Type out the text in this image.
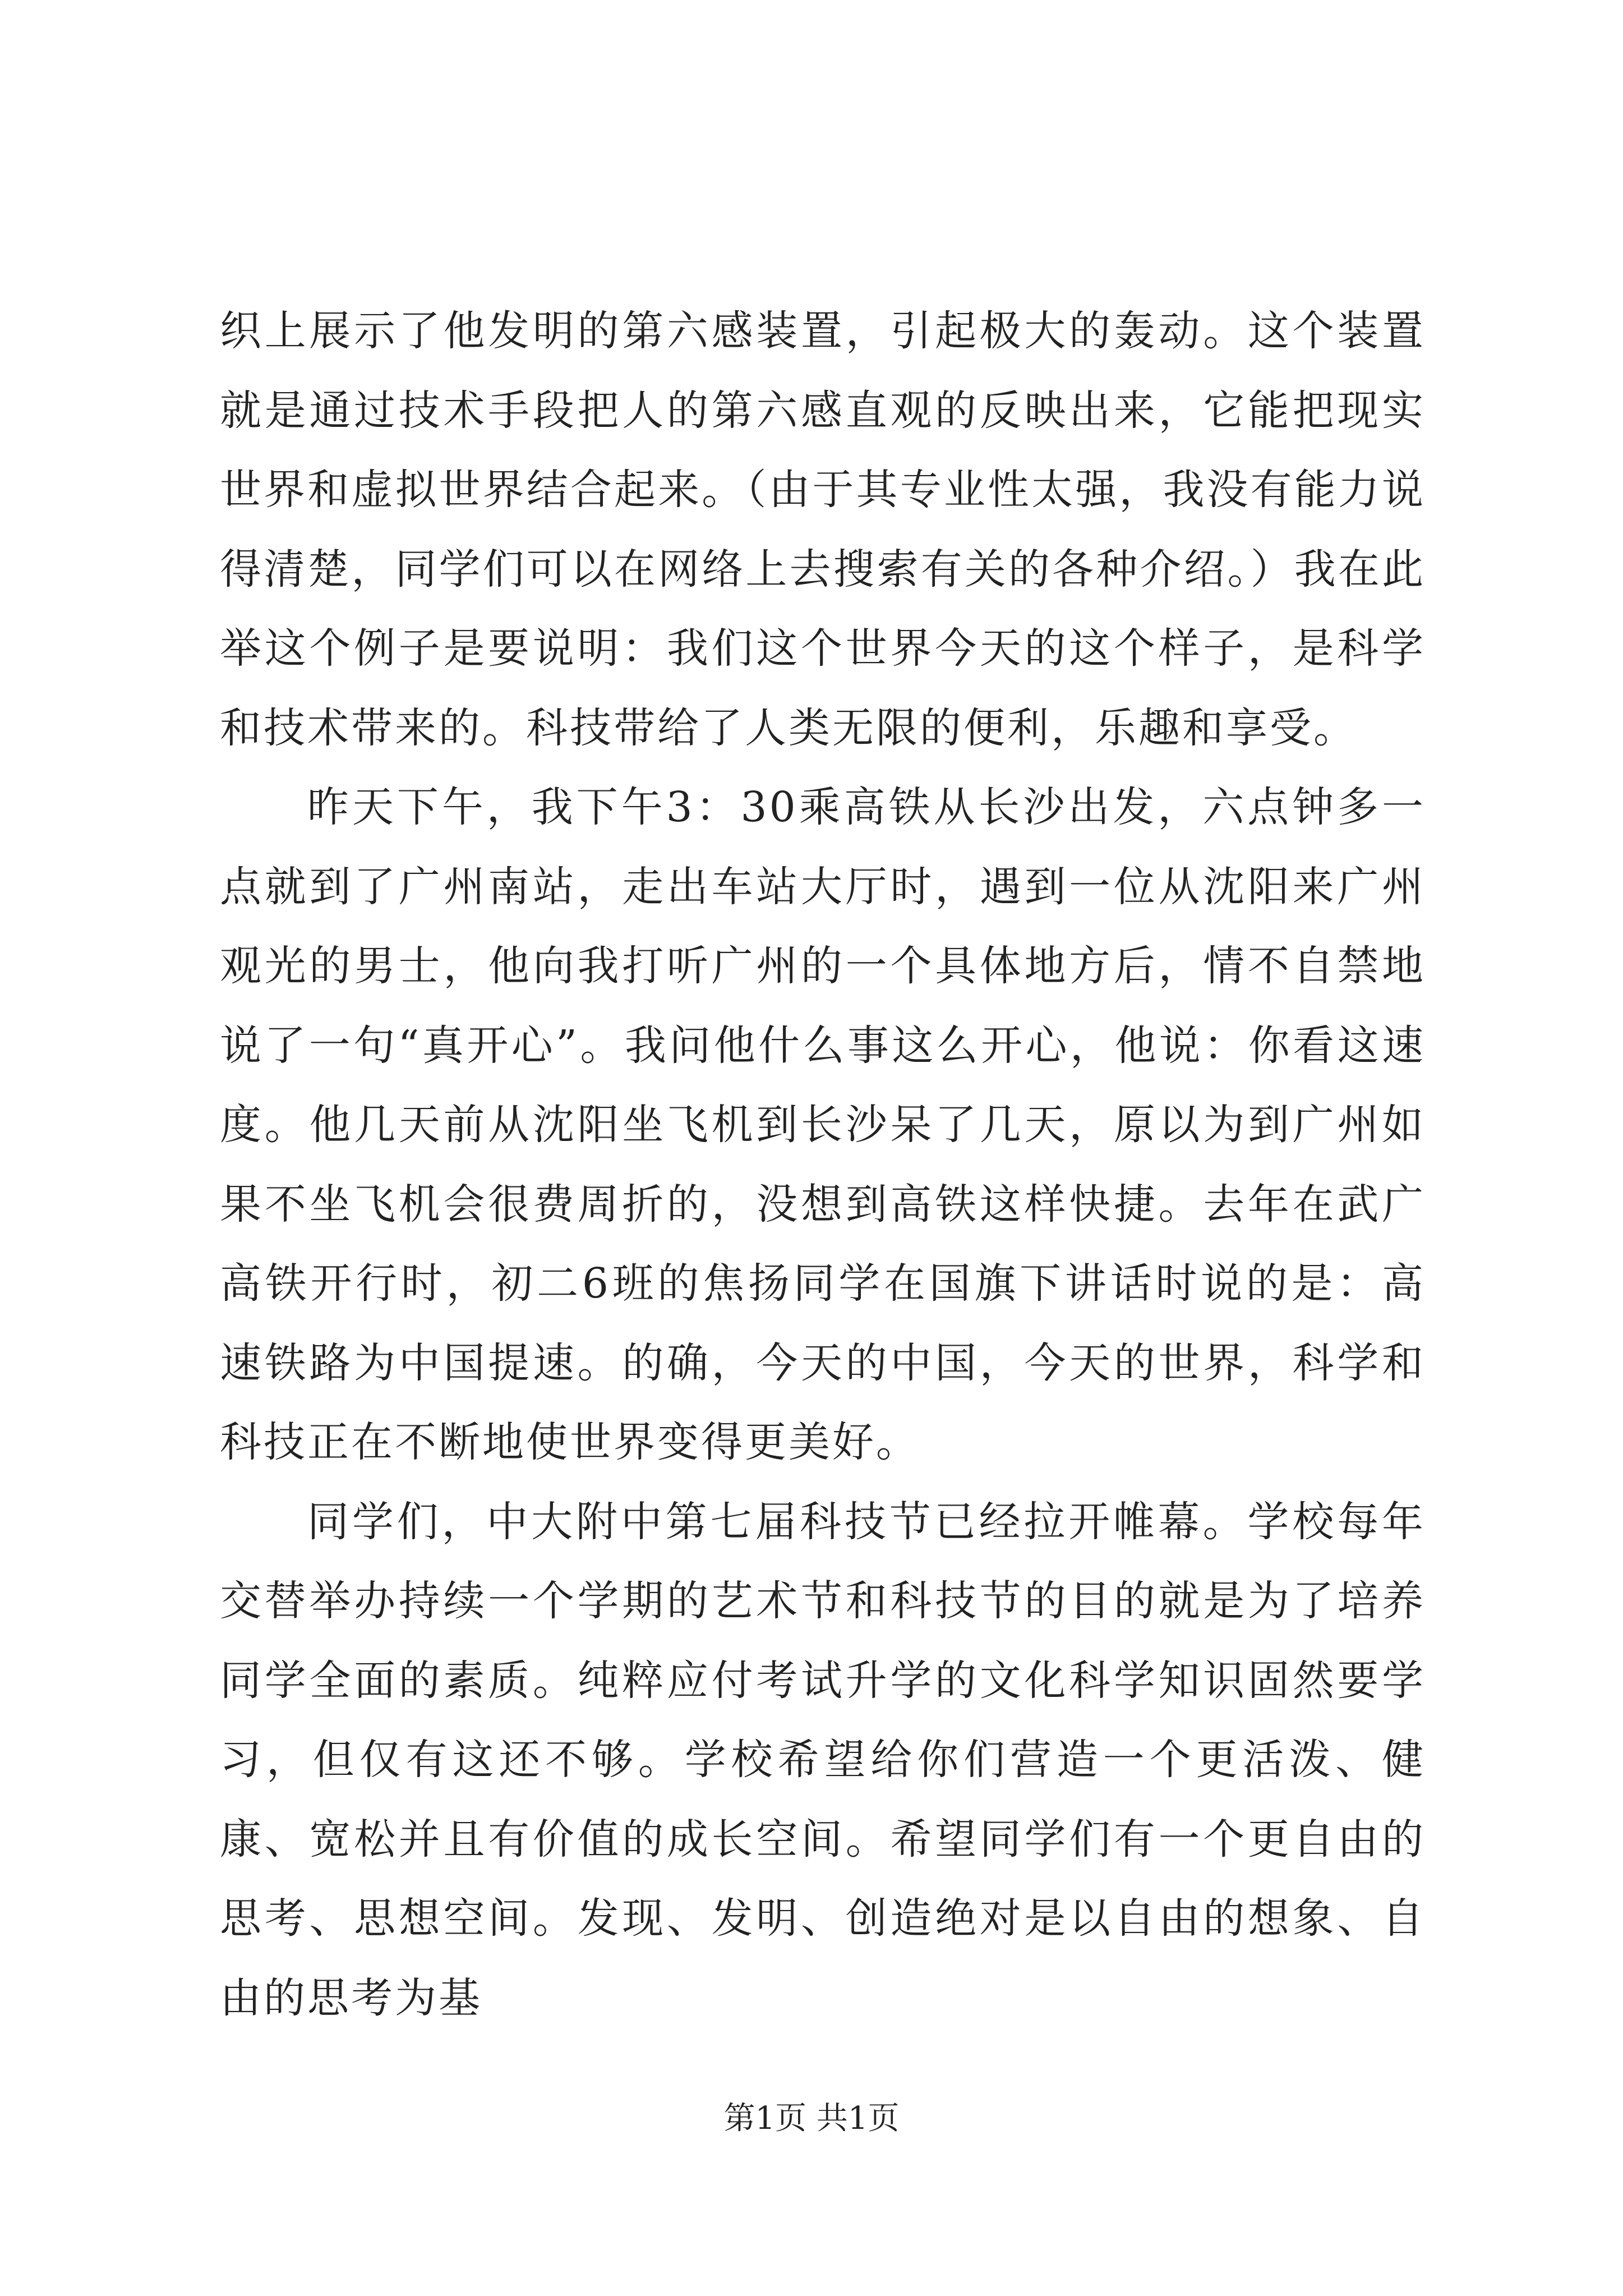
织上展示了他发明的第六感装置，引起极大的轰动。这个装置就是通过技术手段把人的第六感直观的反映出来，它能把现实世界和虚拟世界结合起来。（由于其专业性太强，我没有能力说得清楚，同学们可以在网络上去搜索有关的各种介绍。）我在此举这个例子是要说明：我们这个世界今天的这个样子，是科学和技术带来的。科技带给了人类无限的便利，乐趣和享受。

昨天下午，我下午3：30乘高铁从长沙出发，六点钟多一点就到了广州南站，走出车站大厅时，遇到一位从沈阳来广州观光的男士，他向我打听广州的一个具体地方后，情不自禁地说了一句“真开心”。我问他什么事这么开心，他说：你看这速度。他几天前从沈阳坐飞机到长沙呆了几天，原以为到广州如果不坐飞机会很费周折的，没想到高铁这样快捷。去年在武广高铁开行时，初二6班的焦扬同学在国旗下讲话时说的是：高速铁路为中国提速。的确，今天的中国，今天的世界，科学和科技正在不断地使世界变得更美好。

同学们，中大附中第七届科技节已经拉开帷幕。学校每年交替举办持续一个学期的艺术节和科技节的目的就是为了培养同学全面的素质。纯粹应付考试升学的文化科学知识固然要学习，但仅有这还不够。学校希望给你们营造一个更活泼、健康、宽松并且有价值的成长空间。希望同学们有一个更自由的思考、思想空间。发现、发明、创造绝对是以自由的想象、自由的思考为基

第1页 共1页
